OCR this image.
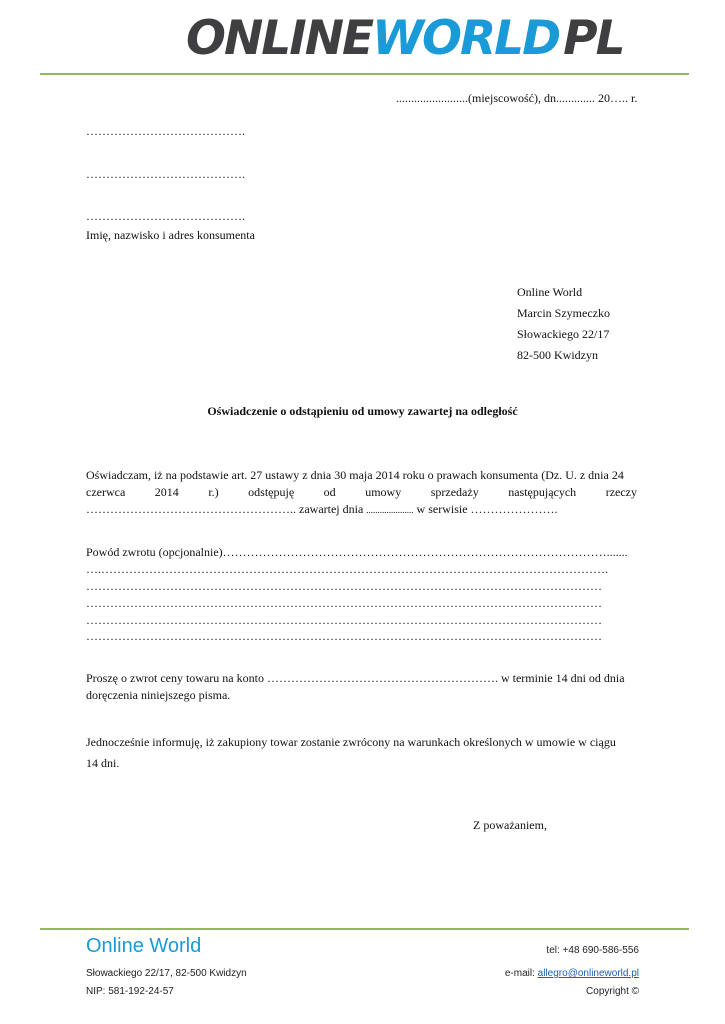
ONLINE WORLD PL
........................(miejscowość), dn............. 20….. r.
………………………………….
………………………………….
………………………………….
Imię, nazwisko i adres konsumenta
Online World
Marcin Szymeczko
Słowackiego 22/17
82-500 Kwidzyn
Oświadczenie o odstąpieniu od umowy zawartej na odległość
Oświadczam, iż na podstawie art. 27 ustawy z dnia 30 maja 2014 roku o prawach konsumenta (Dz. U. z dnia 24
czerwca 2014 r.) odstępuję od umowy sprzedaży następujących rzeczy
…………………………………………….. zawartej dnia ..................... w serwisie ………………….
Powód zwrotu (opcjonalnie)…………………………………………………………………………………….......
….……………………………………………………………………………………………………………….
…………………………………………………………………………………………………………………
…………………………………………………………………………………………………………………
…………………………………………………………………………………………………………………
…………………………………………………………………………………………………………………
Proszę o zwrot ceny towaru na konto …………………………………………………. w terminie 14 dni od dnia
doręczenia niniejszego pisma.
Jednocześnie informuję, iż zakupiony towar zostanie zwrócony na warunkach określonych w umowie w ciągu
14 dni.
Z poważaniem,
Online World	tel: +48 690-586-556
Słowackiego 22/17, 82-500 Kwidzyn	e-mail: allegro@onlineworld.pl
NIP: 581-192-24-57	Copyright ©
